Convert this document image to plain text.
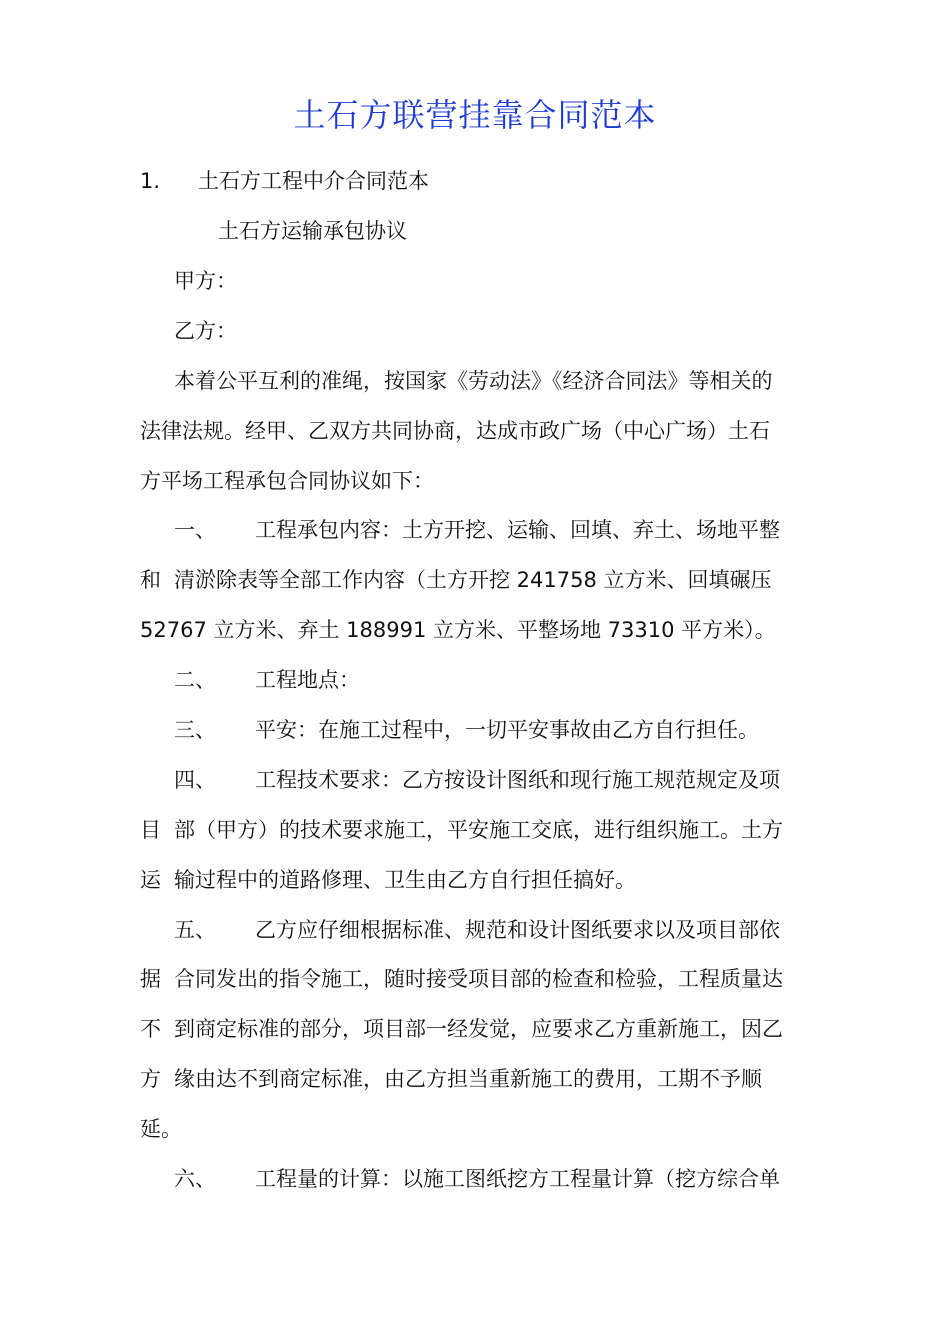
土石方联营挂靠合同范本
1. 土石方工程中介合同范本
土石方运输承包协议
甲方：
乙方：
本着公平互利的准绳，按国家《劳动法》《经济合同法》等相关的
法律法规。经甲、乙双方共同协商，达成市政广场（中心广场）土石
方平场工程承包合同协议如下：
一、 工程承包内容：土方开挖、运输、回填、弃土、场地平整
和 清淤除表等全部工作内容（土方开挖 241758 立方米、回填碾压
52767 立方米、弃土 188991 立方米、平整场地 73310 平方米）。
二、 工程地点：
三、 平安：在施工过程中，一切平安事故由乙方自行担任。
四、 工程技术要求：乙方按设计图纸和现行施工规范规定及项
目 部（甲方）的技术要求施工，平安施工交底，进行组织施工。土方
运 输过程中的道路修理、卫生由乙方自行担任搞好。
五、 乙方应仔细根据标准、规范和设计图纸要求以及项目部依
据 合同发出的指令施工，随时接受项目部的检查和检验，工程质量达
不 到商定标准的部分，项目部一经发觉，应要求乙方重新施工，因乙
方 缘由达不到商定标准，由乙方担当重新施工的费用，工期不予顺
延。
六、 工程量的计算：以施工图纸挖方工程量计算（挖方综合单
